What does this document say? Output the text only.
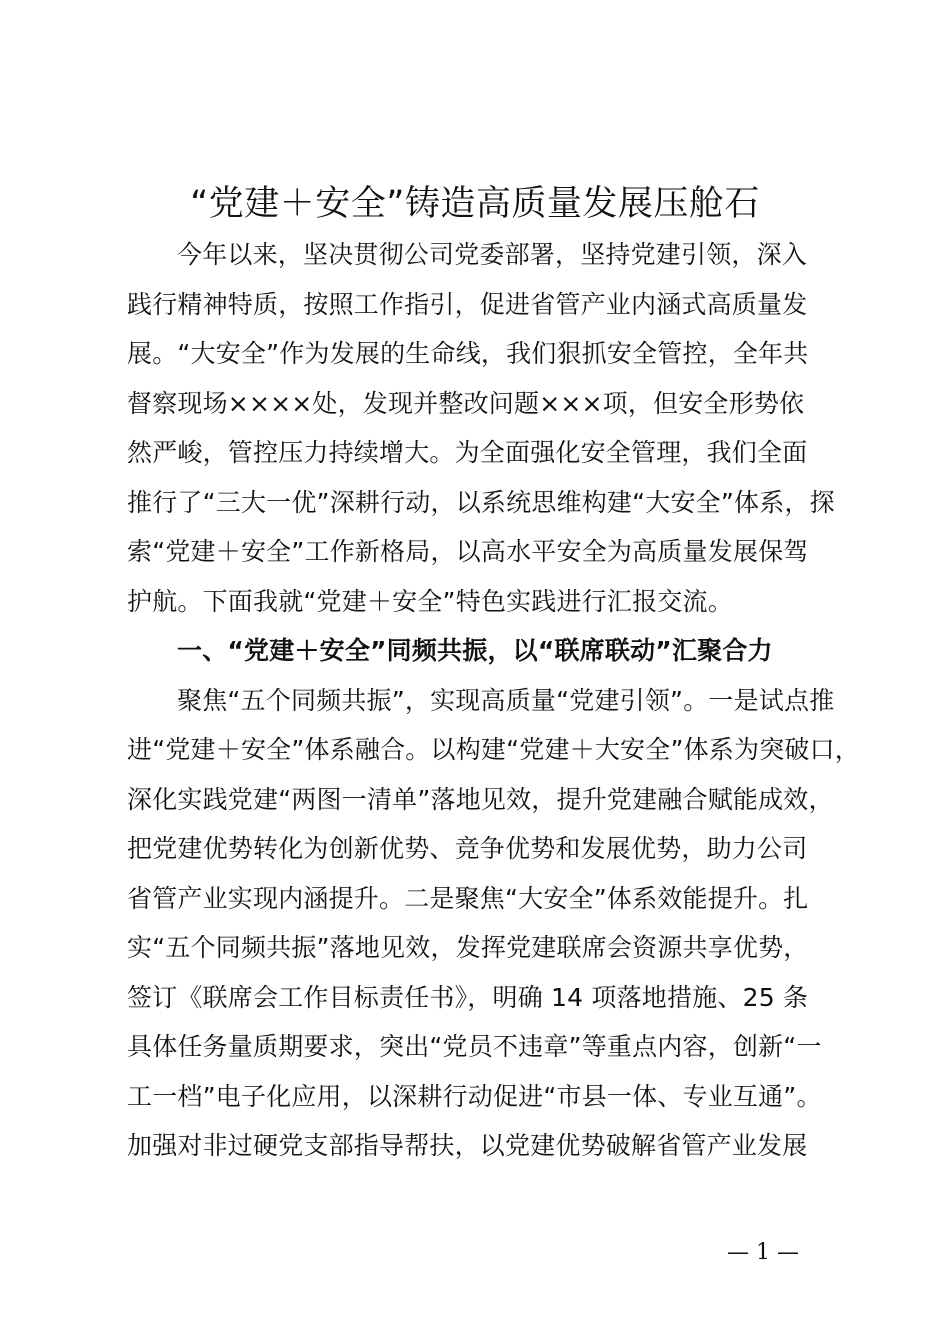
“党建＋安全”铸造高质量发展压舱石
今年以来，坚决贯彻公司党委部署，坚持党建引领，深入
践行精神特质，按照工作指引，促进省管产业内涵式高质量发
展。“大安全”作为发展的生命线，我们狠抓安全管控，全年共
督察现场××××处，发现并整改问题×××项，但安全形势依
然严峻，管控压力持续增大。为全面强化安全管理，我们全面
推行了“三大一优”深耕行动，以系统思维构建“大安全”体系，探
索“党建＋安全”工作新格局，以高水平安全为高质量发展保驾
护航。下面我就“党建＋安全”特色实践进行汇报交流。
一、“党建＋安全”同频共振，以“联席联动”汇聚合力
聚焦“五个同频共振”，实现高质量“党建引领”。一是试点推
进“党建＋安全”体系融合。以构建“党建＋大安全”体系为突破口，
深化实践党建“两图一清单”落地见效，提升党建融合赋能成效，
把党建优势转化为创新优势、竞争优势和发展优势，助力公司
省管产业实现内涵提升。二是聚焦“大安全”体系效能提升。扎
实“五个同频共振”落地见效，发挥党建联席会资源共享优势，
签订《联席会工作目标责任书》，明确 14 项落地措施、25 条
具体任务量质期要求，突出“党员不违章”等重点内容，创新“一
工一档”电子化应用，以深耕行动促进“市县一体、专业互通”。
加强对非过硬党支部指导帮扶，以党建优势破解省管产业发展
— 1 —
